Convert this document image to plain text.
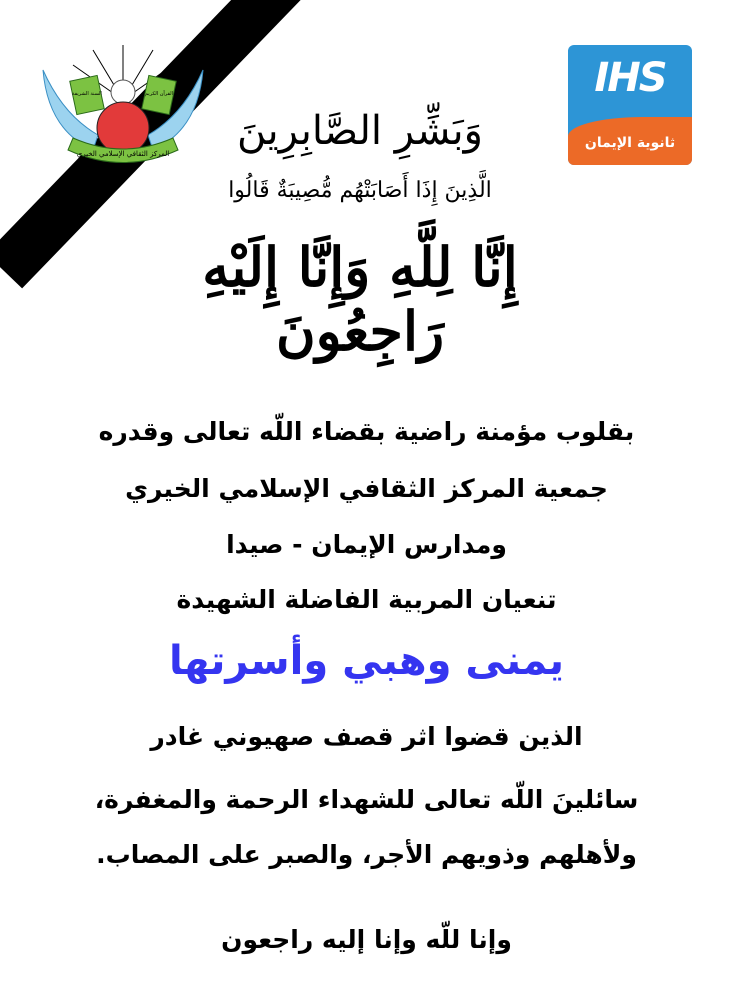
المركز الثقافي الإسلامي الخيري
القرآن الكريم
السنة الشريفة	IHS
ثانوية الإيمان
وَبَشِّرِ الصَّابِرِينَ
الَّذِينَ إِذَا أَصَابَتْهُم مُّصِيبَةٌ قَالُوا
إِنَّا لِلَّهِ وَإِنَّا إِلَيْهِ رَاجِعُونَ
بقلوب مؤمنة راضية بقضاء اللّه تعالى وقدره
جمعية المركز الثقافي الإسلامي الخيري
ومدارس الإيمان - صيدا
تنعيان المربية الفاضلة الشهيدة
يمنى وهبي وأسرتها
الذين قضوا اثر قصف صهيوني غادر
سائلينَ اللّه تعالى للشهداء الرحمة والمغفرة،
ولأهلهم وذويهم الأجر، والصبر على المصاب.
وإنا للّه وإنا إليه راجعون
